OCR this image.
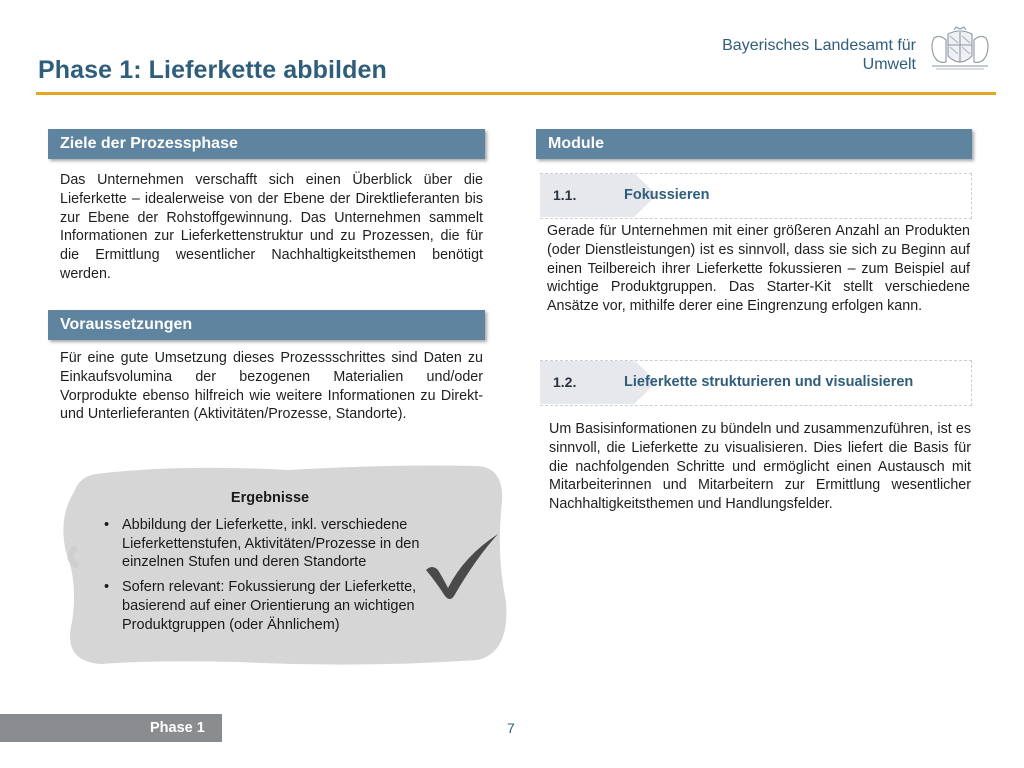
Phase 1: Lieferkette abbilden
Bayerisches Landesamt für
Umwelt
Ziele der Prozessphase
Das Unternehmen verschafft sich einen Überblick über die Lieferkette – idealerweise von der Ebene der Direktlieferanten bis zur Ebene der Rohstoffgewinnung. Das Unternehmen sammelt Informationen zur Lieferkettenstruktur und zu Prozessen, die für die Ermittlung wesentlicher Nachhaltigkeitsthemen benötigt werden.
Voraussetzungen
Für eine gute Umsetzung dieses Prozessschrittes sind Daten zu Einkaufsvolumina der bezogenen Materialien und/oder Vorprodukte ebenso hilfreich wie weitere Informationen zu Direkt- und Unterlieferanten (Aktivitäten/Prozesse, Standorte).
Ergebnisse
• Abbildung der Lieferkette, inkl. verschiedene Lieferkettenstufen, Aktivitäten/Prozesse in den einzelnen Stufen und deren Standorte
• Sofern relevant: Fokussierung der Lieferkette, basierend auf einer Orientierung an wichtigen Produktgruppen (oder Ähnlichem)
Module
1.1.	Fokussieren
Gerade für Unternehmen mit einer größeren Anzahl an Produkten (oder Dienstleistungen) ist es sinnvoll, dass sie sich zu Beginn auf einen Teilbereich ihrer Lieferkette fokussieren – zum Beispiel auf wichtige Produktgruppen. Das Starter-Kit stellt verschiedene Ansätze vor, mithilfe derer eine Eingrenzung erfolgen kann.
1.2.	Lieferkette strukturieren und visualisieren
Um Basisinformationen zu bündeln und zusammenzuführen, ist es sinnvoll, die Lieferkette zu visualisieren. Dies liefert die Basis für die nachfolgenden Schritte und ermöglicht einen Austausch mit Mitarbeiterinnen und Mitarbeitern zur Ermittlung wesentlicher Nachhaltigkeitsthemen und Handlungsfelder.
Phase 1	7
